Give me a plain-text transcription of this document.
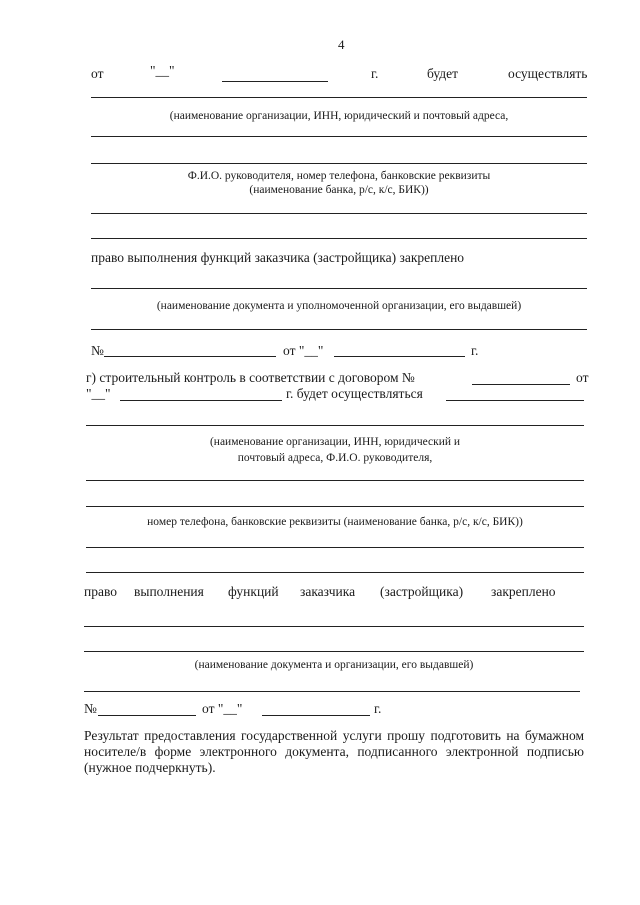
4
от	"__"	г.	будет	осуществлять
(наименование организации, ИНН, юридический и почтовый адреса,
Ф.И.О. руководителя, номер телефона, банковские реквизиты
(наименование банка, р/с, к/с, БИК))
право выполнения функций заказчика (застройщика) закреплено
(наименование документа и уполномоченной организации, его выдавшей)
№	от "__"	г.
г) строительный контроль в соответствии с договором №	от
"__"	г. будет осуществляться
(наименование организации, ИНН, юридический и
почтовый адреса, Ф.И.О. руководителя,
номер телефона, банковские реквизиты (наименование банка, р/с, к/с, БИК))
право выполнения функций заказчика (застройщика) закреплено
(наименование документа и организации, его выдавшей)
№	от "__"	г.
Результат предоставления государственной услуги прошу подготовить на бумажном носителе/в форме электронного документа, подписанного электронной подписью (нужное подчеркнуть).
